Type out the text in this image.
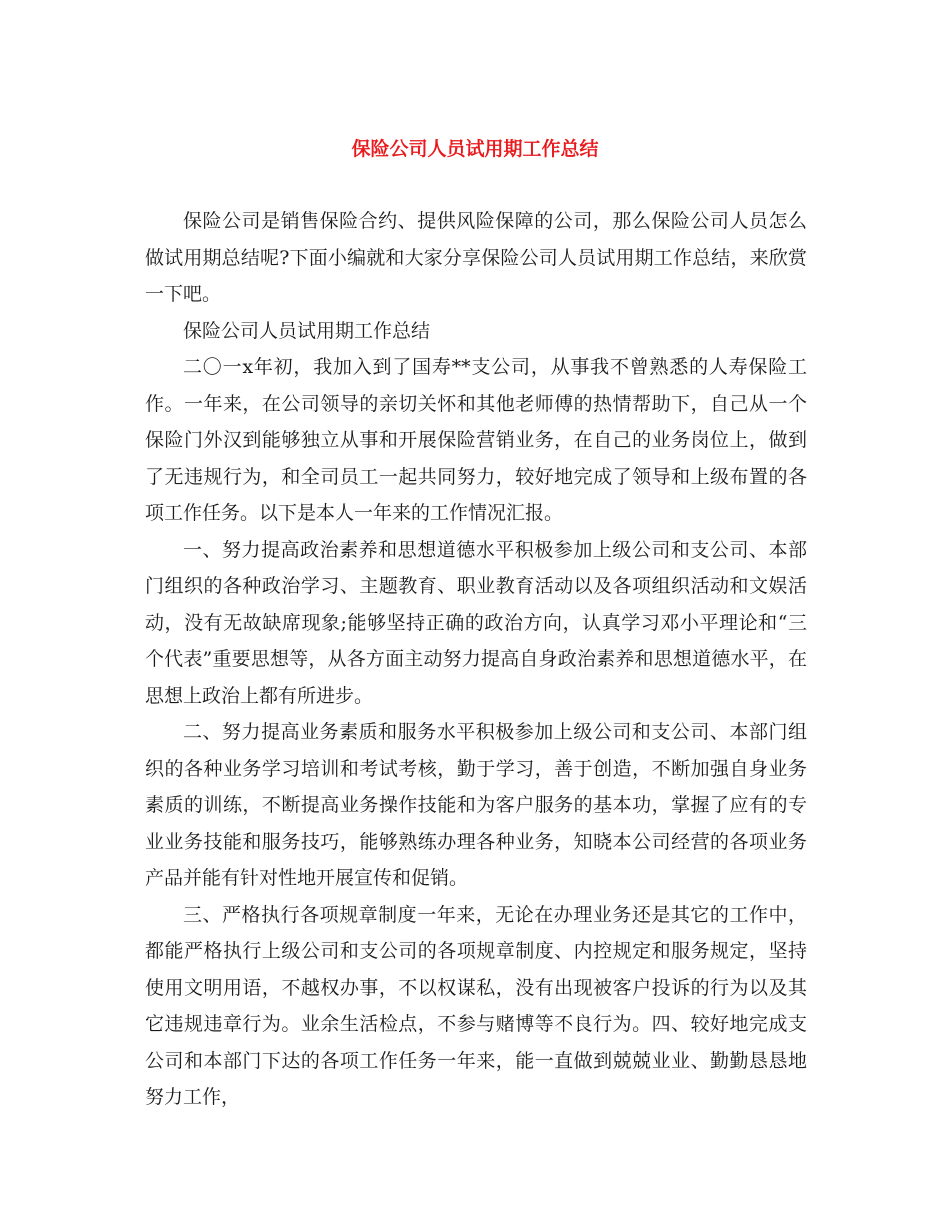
保险公司人员试用期工作总结

保险公司是销售保险合约、提供风险保障的公司，那么保险公司人员怎么做试用期总结呢?下面小编就和大家分享保险公司人员试用期工作总结，来欣赏一下吧。

保险公司人员试用期工作总结

二〇一x年初，我加入到了国寿**支公司，从事我不曾熟悉的人寿保险工作。一年来，在公司领导的亲切关怀和其他老师傅的热情帮助下，自己从一个保险门外汉到能够独立从事和开展保险营销业务，在自己的业务岗位上，做到了无违规行为，和全司员工一起共同努力，较好地完成了领导和上级布置的各项工作任务。以下是本人一年来的工作情况汇报。

一、努力提高政治素养和思想道德水平积极参加上级公司和支公司、本部门组织的各种政治学习、主题教育、职业教育活动以及各项组织活动和文娱活动，没有无故缺席现象;能够坚持正确的政治方向，认真学习邓小平理论和“三个代表”重要思想等，从各方面主动努力提高自身政治素养和思想道德水平，在思想上政治上都有所进步。

二、努力提高业务素质和服务水平积极参加上级公司和支公司、本部门组织的各种业务学习培训和考试考核，勤于学习，善于创造，不断加强自身业务素质的训练，不断提高业务操作技能和为客户服务的基本功，掌握了应有的专业业务技能和服务技巧，能够熟练办理各种业务，知晓本公司经营的各项业务产品并能有针对性地开展宣传和促销。

三、严格执行各项规章制度一年来，无论在办理业务还是其它的工作中，都能严格执行上级公司和支公司的各项规章制度、内控规定和服务规定，坚持使用文明用语，不越权办事，不以权谋私，没有出现被客户投诉的行为以及其它违规违章行为。业余生活检点，不参与赌博等不良行为。四、较好地完成支公司和本部门下达的各项工作任务一年来，能一直做到兢兢业业、勤勤恳恳地努力工作，
